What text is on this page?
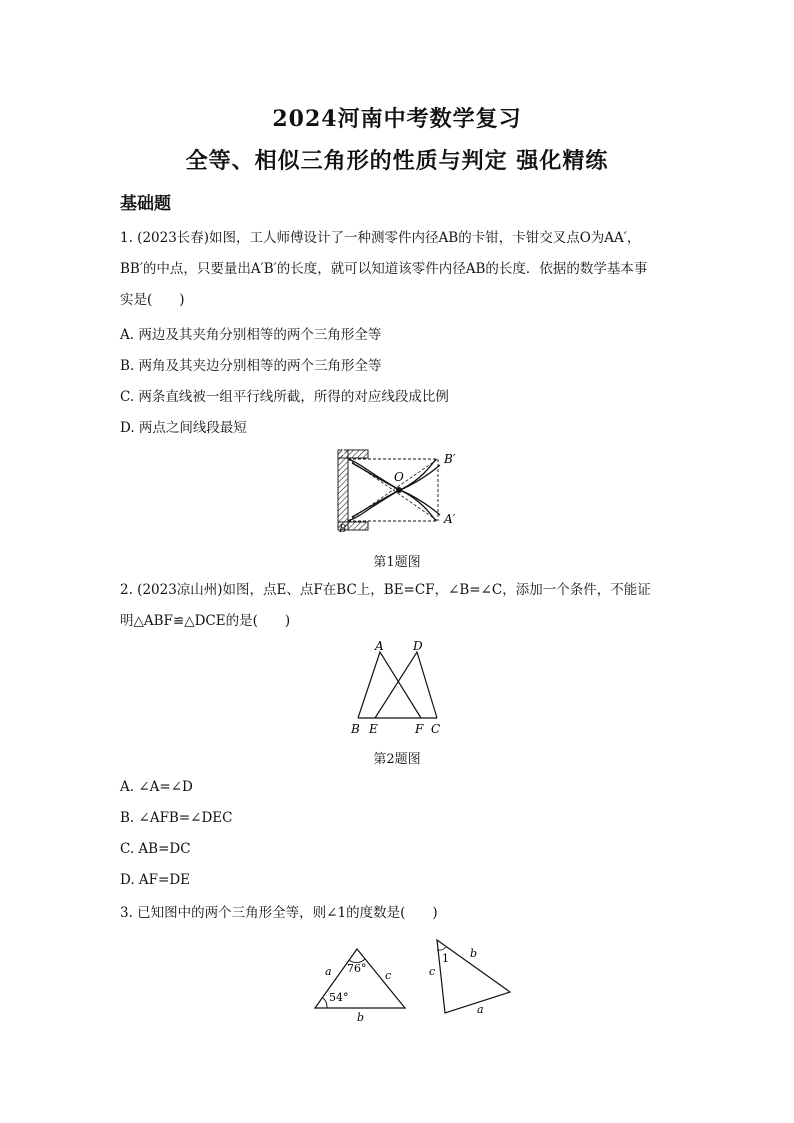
2024河南中考数学复习
全等、相似三角形的性质与判定 强化精练
基础题
1. (2023长春)如图，工人师傅设计了一种测零件内径AB的卡钳，卡钳交叉点O为AA′，
BB′的中点，只要量出A′B′的长度，就可以知道该零件内径AB的长度．依据的数学基本事
实是(　　)
A. 两边及其夹角分别相等的两个三角形全等
B. 两角及其夹边分别相等的两个三角形全等
C. 两条直线被一组平行线所截，所得的对应线段成比例
D. 两点之间线段最短
O
B′
A′
B
A
第1题图
2. (2023凉山州)如图，点E、点F在BC上，BE=CF，∠B=∠C，添加一个条件，不能证
明△ABF≌△DCE的是(　　)
A D
B E	F C
第2题图
A. ∠A=∠D
B. ∠AFB=∠DEC
C. AB=DC
D. AF=DE
3. 已知图中的两个三角形全等，则∠1的度数是(　　)
a	c
b
76°
54°
1 b
c
a
